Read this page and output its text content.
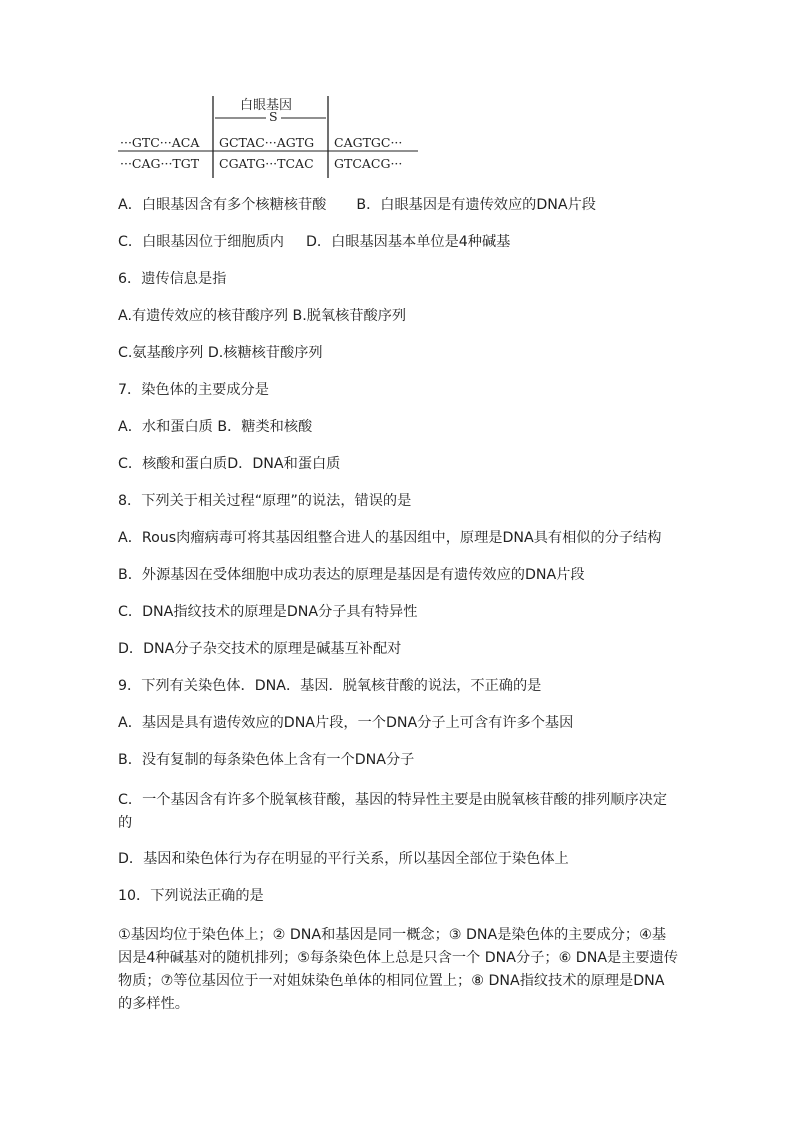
白眼基因
S
···GTC···ACA GCTAC···AGTG CAGTGC···
···CAG···TGT CGATG···TCAC GTCACG···
A．白眼基因含有多个核糖核苷酸 B．白眼基因是有遗传效应的DNA片段
C．白眼基因位于细胞质内 D．白眼基因基本单位是4种碱基
6．遗传信息是指
A.有遗传效应的核苷酸序列 B.脱氧核苷酸序列
C.氨基酸序列 D.核糖核苷酸序列
7．染色体的主要成分是
A．水和蛋白质 B．糖类和核酸
C．核酸和蛋白质D．DNA和蛋白质
8．下列关于相关过程“原理”的说法，错误的是
A．Rous肉瘤病毒可将其基因组整合进人的基因组中，原理是DNA具有相似的分子结构
B．外源基因在受体细胞中成功表达的原理是基因是有遗传效应的DNA片段
C．DNA指纹技术的原理是DNA分子具有特异性
D．DNA分子杂交技术的原理是碱基互补配对
9．下列有关染色体．DNA．基因．脱氧核苷酸的说法，不正确的是
A．基因是具有遗传效应的DNA片段，一个DNA分子上可含有许多个基因
B．没有复制的每条染色体上含有一个DNA分子
C．一个基因含有许多个脱氧核苷酸，基因的特异性主要是由脱氧核苷酸的排列顺序决定的
D．基因和染色体行为存在明显的平行关系，所以基因全部位于染色体上
10．下列说法正确的是
①基因均位于染色体上；② DNA和基因是同一概念；③ DNA是染色体的主要成分；④基因是4种碱基对的随机排列；⑤每条染色体上总是只含一个 DNA分子；⑥ DNA是主要遗传物质；⑦等位基因位于一对姐妹染色单体的相同位置上；⑧ DNA指纹技术的原理是DNA的多样性。
